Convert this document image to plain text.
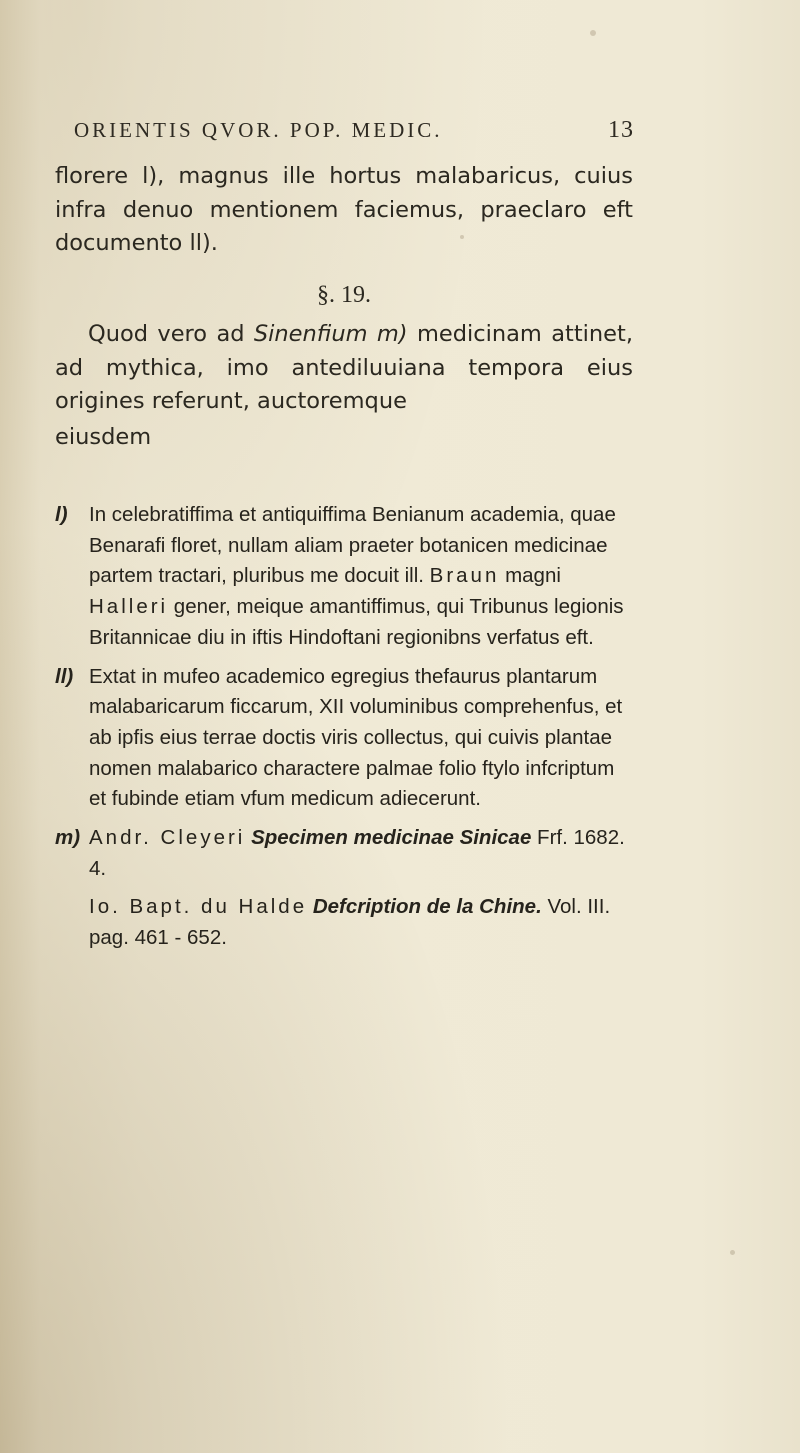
ORIENTIS QVOR. POP. MEDIC.	13

florere l), magnus ille hortus malabaricus, cuius infra denuo mentionem faciemus, praeclaro eft documento ll).

§. 19.

Quod vero ad Sinenfium m) medicinam attinet, ad mythica, imo antediluuiana tempora eius origines referunt, auctoremque

eiusdem

l) In celebratiffima et antiquiffima Benianum academia, quae Benarafi floret, nullam aliam praeter botanicen medicinae partem tractari, pluribus me docuit ill. Braun magni Halleri gener, meique amantiffimus, qui Tribunus legionis Britannicae diu in iftis Hindoftani regionibns verfatus eft.

ll) Extat in mufeo academico egregius thefaurus plantarum malabaricarum ficcarum, XII voluminibus comprehenfus, et ab ipfis eius terrae doctis viris collectus, qui cuivis plantae nomen malabarico charactere palmae folio ftylo infcriptum et fubinde etiam vfum medicum adiecerunt.

m) Andr. Cleyeri Specimen medicinae Sinicae Frf. 1682. 4.

Io. Bapt. du Halde Defcription de la Chine. Vol. III. pag. 461 - 652.
